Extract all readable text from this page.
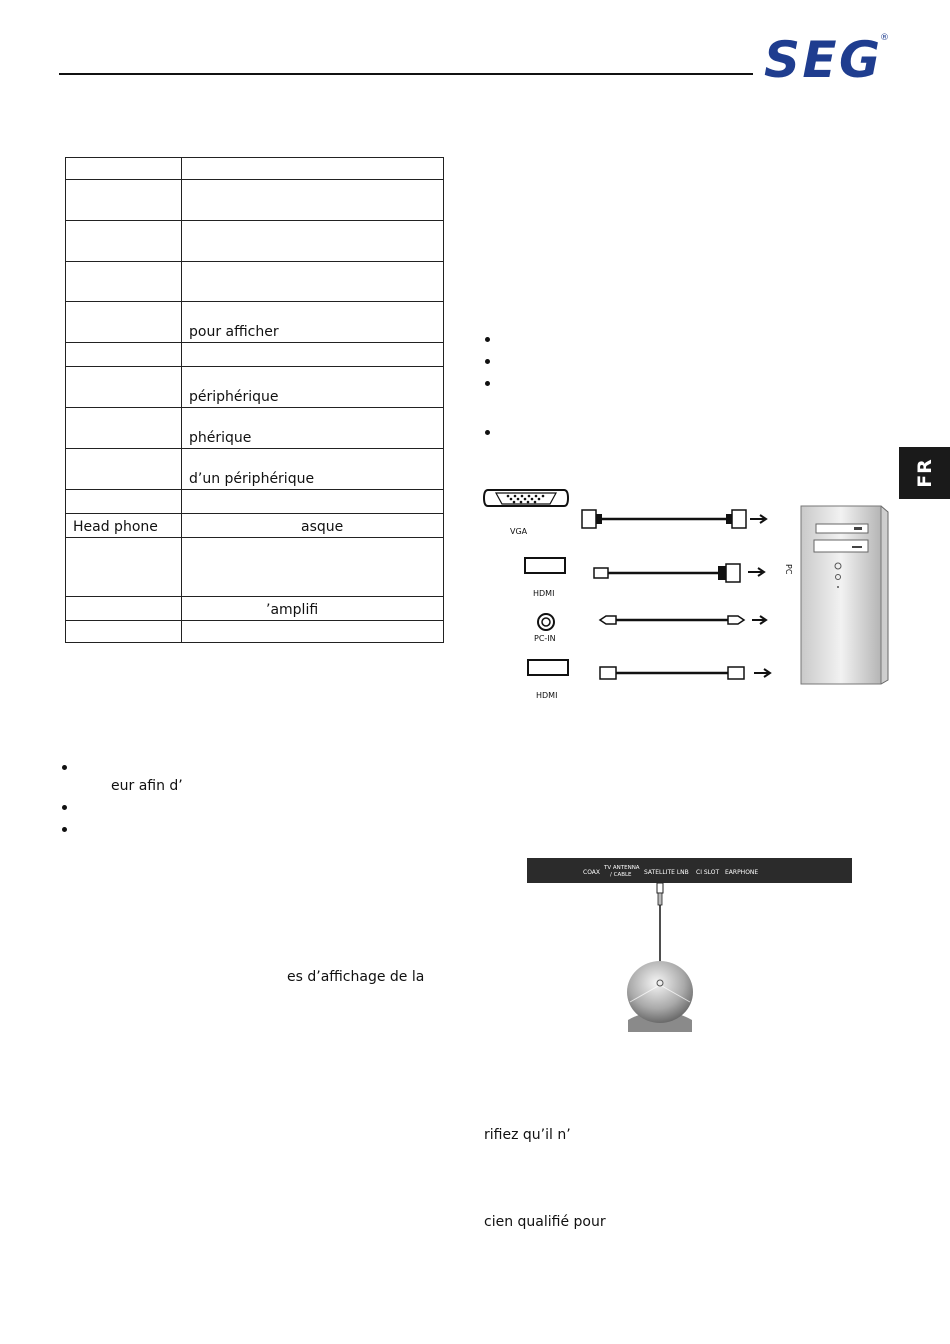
SEG ®
FR

	pour afficher

	périphérique
	phérique
	d’un périphérique

Head phone	asque

	’amplifi

eur afin d’
es d’affichage de la
VGA
HDMI
PC-IN
HDMI
PC
COAX
TV ANTENNA
/ CABLE SATELLITE LNB CI SLOT EARPHONE
rifiez qu’il n’
cien qualifié pour
